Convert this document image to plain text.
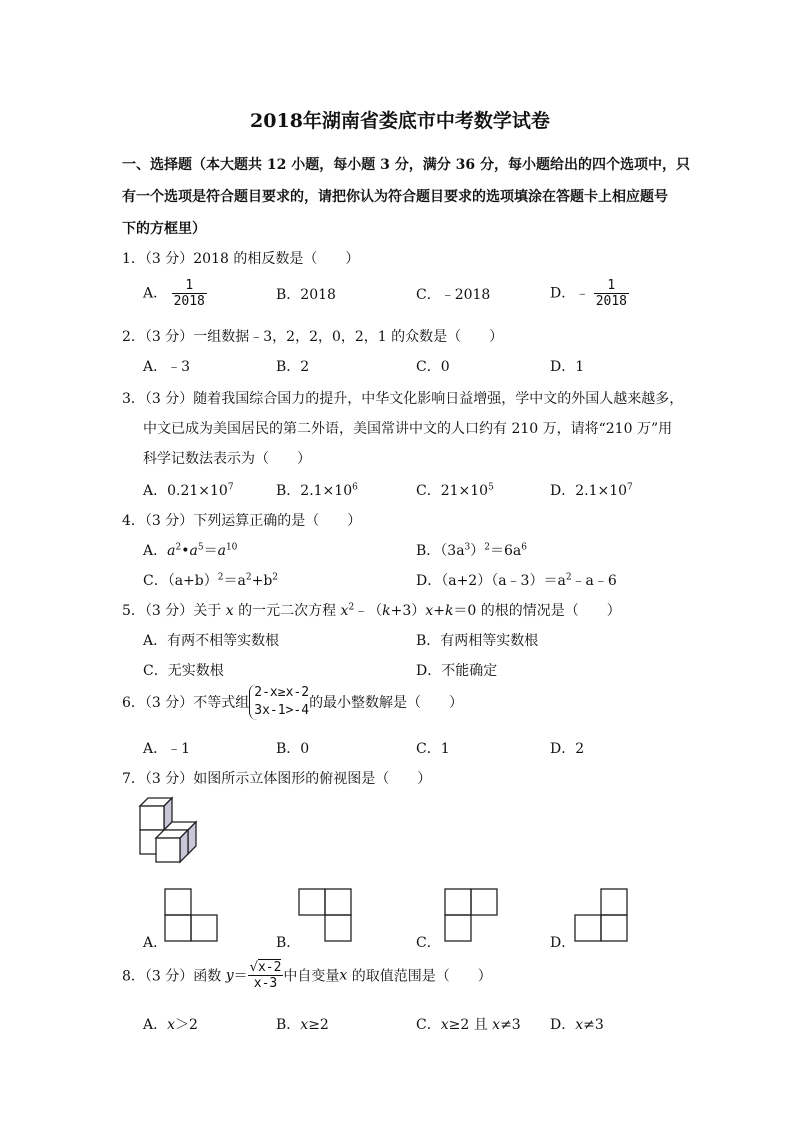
2018年湖南省娄底市中考数学试卷
一、选择题（本大题共 12 小题，每小题 3 分，满分 36 分，每小题给出的四个选项中，只
有一个选项是符合题目要求的，请把你认为符合题目要求的选项填涂在答题卡上相应题号
下的方框里）
1．（3 分）2018 的相反数是（　　）
A． $\frac{1}{2018}$	B．2018	C．﹣2018	D．﹣ $\frac{1}{2018}$
2．（3 分）一组数据﹣3，2，2，0，2，1 的众数是（　　）
A．﹣3	B．2	C．0	D．1
3．（3 分）随着我国综合国力的提升，中华文化影响日益增强，学中文的外国人越来越多，
中文已成为美国居民的第二外语，美国常讲中文的人口约有 210 万，请将“210 万”用
科学记数法表示为（　　）
A．$0.21\times 10^7$	B．$2.1\times 10^6$	C．$21\times 10^5$	D．$2.1\times 10^7$
4．（3 分）下列运算正确的是（　　）
A．$a^2•a^5=a^{10}$	B．$(3a^3)^2=6a^6$
C．$(a+b)^2=a^2+b^2$	D．$(a+2)(a﹣3)=a^2﹣a﹣6$
5．（3 分）关于 x 的一元二次方程 $x^2﹣(k+3)x+k=0$ 的根的情况是（　　）
A．有两不相等实数根	B．有两相等实数根
C．无实数根	D．不能确定
6．（3 分）不等式组
2-x≥x-2
3x-1>-4 的最小整数解是（　　）
A．﹣1	B．0	C．1	D．2
7．（3 分）如图所示立体图形的俯视图是（　　）
A．	B．	C．	D．
8．（3 分）函数 $y= \frac{√x-2}{x-3}$ 中自变量x 的取值范围是（　　）
A．x＞2	B．x≥2	C．x≥2 且 x≠3 D．x≠3
